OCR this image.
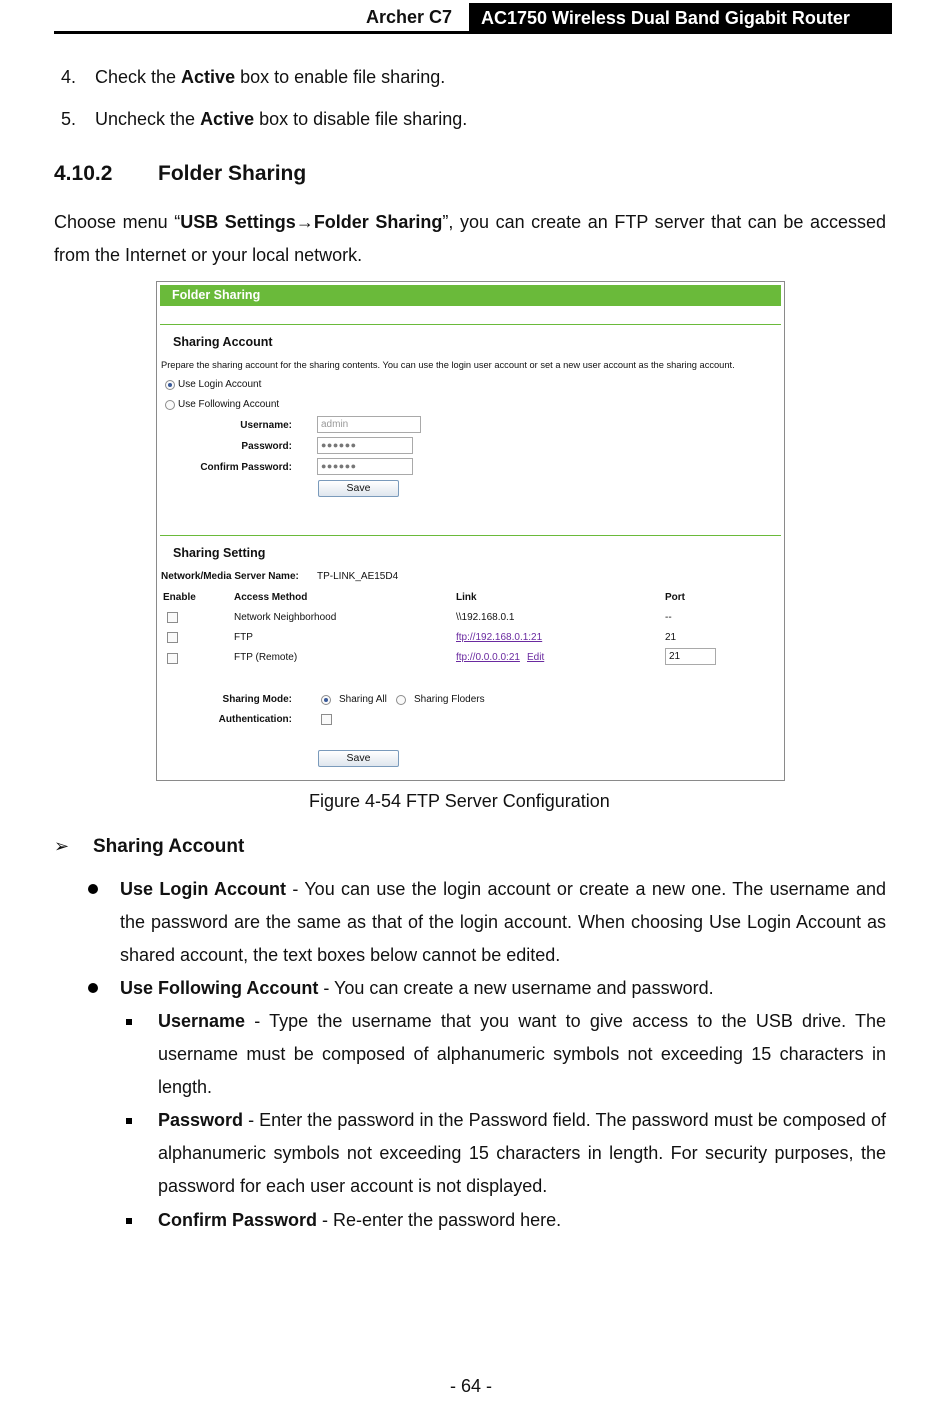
Archer C7	AC1750 Wireless Dual Band Gigabit Router
4. Check the Active box to enable file sharing.
5. Uncheck the Active box to disable file sharing.
4.10.2 Folder Sharing
Choose menu “USB Settings→Folder Sharing”, you can create an FTP server that can be accessed from the Internet or your local network.
Folder Sharing
Sharing Account
Prepare the sharing account for the sharing contents. You can use the login user account or set a new user account as the sharing account.
Use Login Account
Use Following Account
Username:	admin
Password:	●●●●●●
Confirm Password:	●●●●●●
Save
Sharing Setting
Network/Media Server Name: TP-LINK_AE15D4
Enable	Access Method	Link	Port
Network Neighborhood	\\192.168.0.1	--
FTP	ftp://192.168.0.1:21	21
FTP (Remote)	ftp://0.0.0.0:21 Edit	21
Sharing Mode:	Sharing All	Sharing Floders
Authentication:
Save
Figure 4-54 FTP Server Configuration
➢ Sharing Account
Use Login Account - You can use the login account or create a new one. The username and the password are the same as that of the login account. When choosing Use Login Account as shared account, the text boxes below cannot be edited.
Use Following Account - You can create a new username and password.
Username - Type the username that you want to give access to the USB drive. The username must be composed of alphanumeric symbols not exceeding 15 characters in length.
Password - Enter the password in the Password field. The password must be composed of alphanumeric symbols not exceeding 15 characters in length. For security purposes, the password for each user account is not displayed.
Confirm Password - Re-enter the password here.
- 64 -
